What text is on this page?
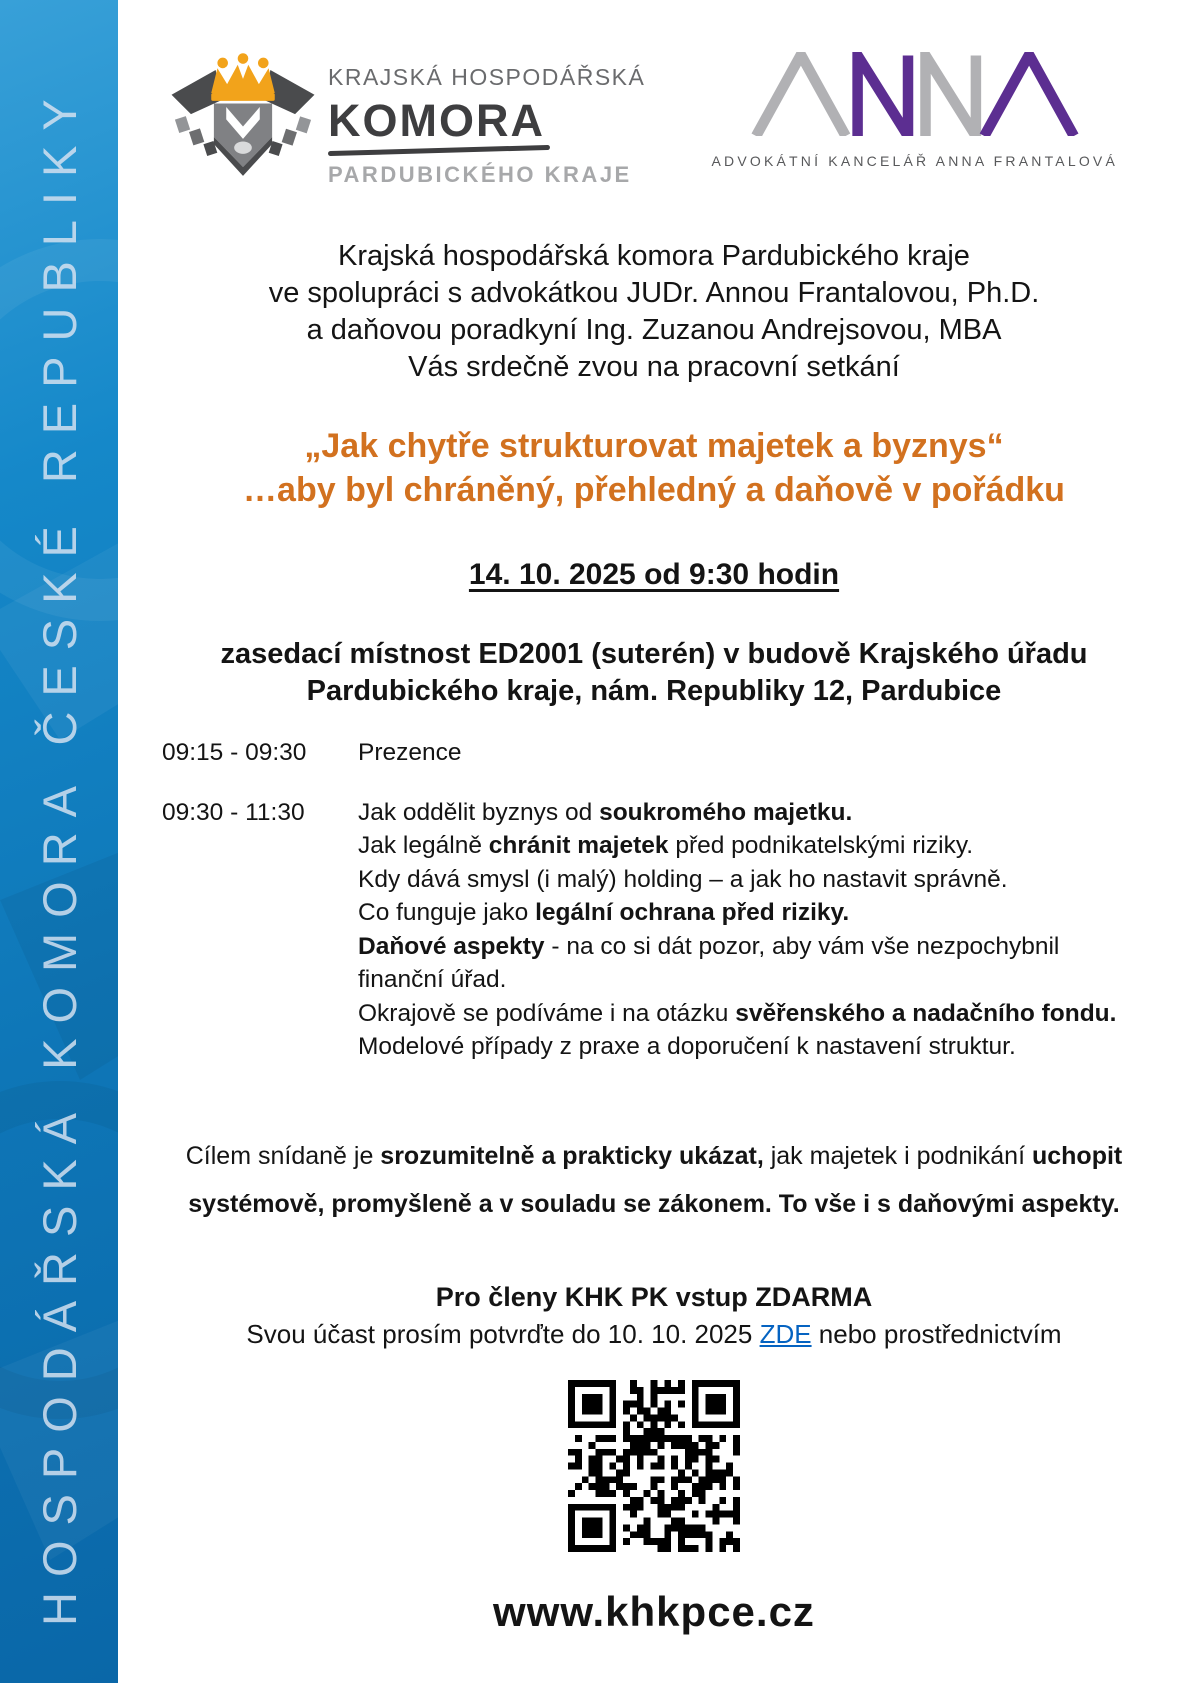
HOSPODÁŘSKÁ KOMORA ČESKÉ REPUBLIKY
KRAJSKÁ HOSPODÁŘSKÁ
KOMORA
PARDUBICKÉHO KRAJE
ADVOKÁTNÍ KANCELÁŘ ANNA FRANTALOVÁ
Krajská hospodářská komora Pardubického kraje
ve spolupráci s advokátkou JUDr. Annou Frantalovou, Ph.D.
a daňovou poradkyní Ing. Zuzanou Andrejsovou, MBA
Vás srdečně zvou na pracovní setkání
„Jak chytře strukturovat majetek a byznys“
…aby byl chráněný, přehledný a daňově v pořádku
14. 10. 2025 od 9:30 hodin
zasedací místnost ED2001 (suterén) v budově Krajského úřadu
Pardubického kraje, nám. Republiky 12, Pardubice
09:15 - 09:30	Prezence
09:30 - 11:30	Jak oddělit byznys od soukromého majetku.
Jak legálně chránit majetek před podnikatelskými riziky.
Kdy dává smysl (i malý) holding – a jak ho nastavit správně.
Co funguje jako legální ochrana před riziky.
Daňové aspekty - na co si dát pozor, aby vám vše nezpochybnil
finanční úřad.
Okrajově se podíváme i na otázku svěřenského a nadačního fondu.
Modelové případy z praxe a doporučení k nastavení struktur.
Cílem snídaně je srozumitelně a prakticky ukázat, jak majetek i podnikání uchopit
systémově, promyšleně a v souladu se zákonem. To vše i s daňovými aspekty.
Pro členy KHK PK vstup ZDARMA
Svou účast prosím potvrďte do 10. 10. 2025 ZDE nebo prostřednictvím
www.khkpce.cz
